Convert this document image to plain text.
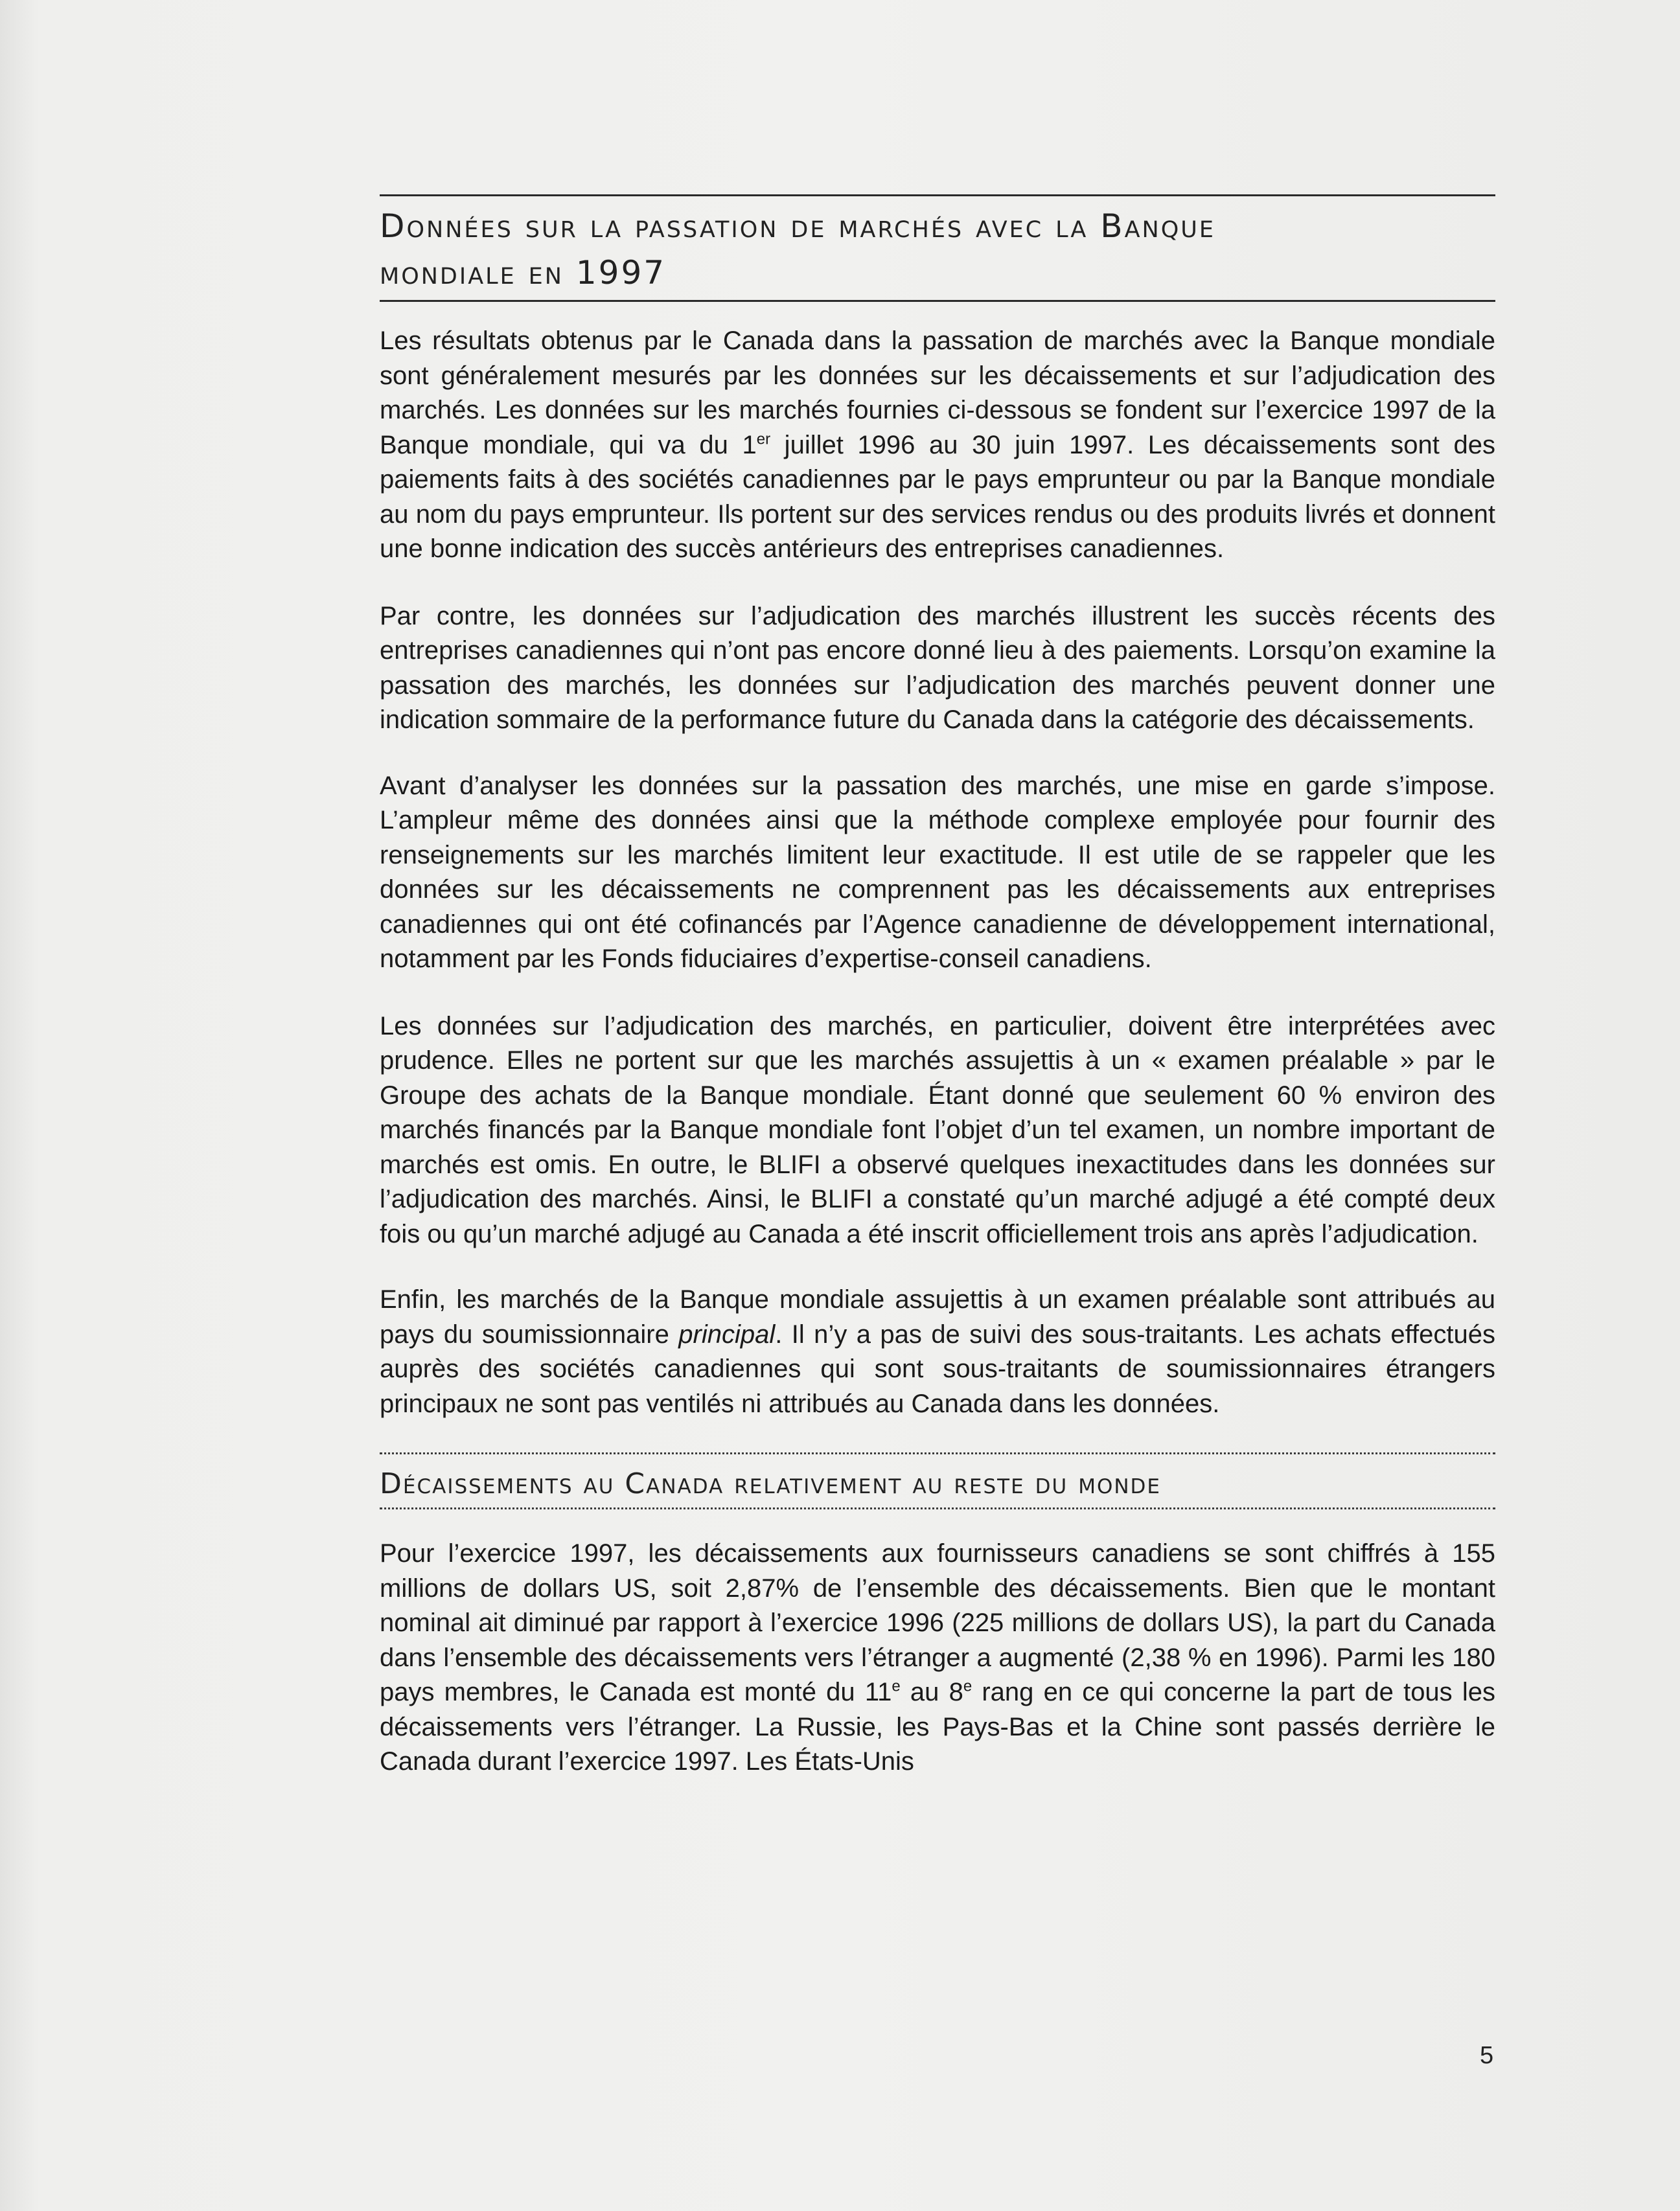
Données sur la passation de marchés avec la Banque
mondiale en 1997

Les résultats obtenus par le Canada dans la passation de marchés avec la Banque mondiale sont généralement mesurés par les données sur les décaissements et sur l’adjudication des marchés. Les données sur les marchés fournies ci-dessous se fondent sur l’exercice 1997 de la Banque mondiale, qui va du 1er juillet 1996 au 30 juin 1997. Les décaissements sont des paiements faits à des sociétés canadiennes par le pays emprunteur ou par la Banque mondiale au nom du pays emprunteur. Ils portent sur des services rendus ou des produits livrés et donnent une bonne indication des succès antérieurs des entreprises canadiennes.

Par contre, les données sur l’adjudication des marchés illustrent les succès récents des entreprises canadiennes qui n’ont pas encore donné lieu à des paiements. Lorsqu’on examine la passation des marchés, les données sur l’adjudication des marchés peuvent donner une indication sommaire de la performance future du Canada dans la catégorie des décaissements.

Avant d’analyser les données sur la passation des marchés, une mise en garde s’impose. L’ampleur même des données ainsi que la méthode complexe employée pour fournir des renseignements sur les marchés limitent leur exactitude. Il est utile de se rappeler que les données sur les décaissements ne comprennent pas les décaissements aux entreprises canadiennes qui ont été cofinancés par l’Agence canadienne de développement international, notamment par les Fonds fiduciaires d’expertise-conseil canadiens.

Les données sur l’adjudication des marchés, en particulier, doivent être interprétées avec prudence. Elles ne portent sur que les marchés assujettis à un « examen préalable » par le Groupe des achats de la Banque mondiale. Étant donné que seulement 60 % environ des marchés financés par la Banque mondiale font l’objet d’un tel examen, un nombre important de marchés est omis. En outre, le BLIFI a observé quelques inexactitudes dans les données sur l’adjudication des marchés. Ainsi, le BLIFI a constaté qu’un marché adjugé a été compté deux fois ou qu’un marché adjugé au Canada a été inscrit officiellement trois ans après l’adjudication.

Enfin, les marchés de la Banque mondiale assujettis à un examen préalable sont attribués au pays du soumissionnaire principal. Il n’y a pas de suivi des sous-traitants. Les achats effectués auprès des sociétés canadiennes qui sont sous-traitants de soumissionnaires étrangers principaux ne sont pas ventilés ni attribués au Canada dans les données.

Décaissements au Canada relativement au reste du monde

Pour l’exercice 1997, les décaissements aux fournisseurs canadiens se sont chiffrés à 155 millions de dollars US, soit 2,87% de l’ensemble des décaissements. Bien que le montant nominal ait diminué par rapport à l’exercice 1996 (225 millions de dollars US), la part du Canada dans l’ensemble des décaissements vers l’étranger a augmenté (2,38 % en 1996). Parmi les 180 pays membres, le Canada est monté du 11e au 8e rang en ce qui concerne la part de tous les décaissements vers l’étranger. La Russie, les Pays-Bas et la Chine sont passés derrière le Canada durant l’exercice 1997. Les États-Unis

5
